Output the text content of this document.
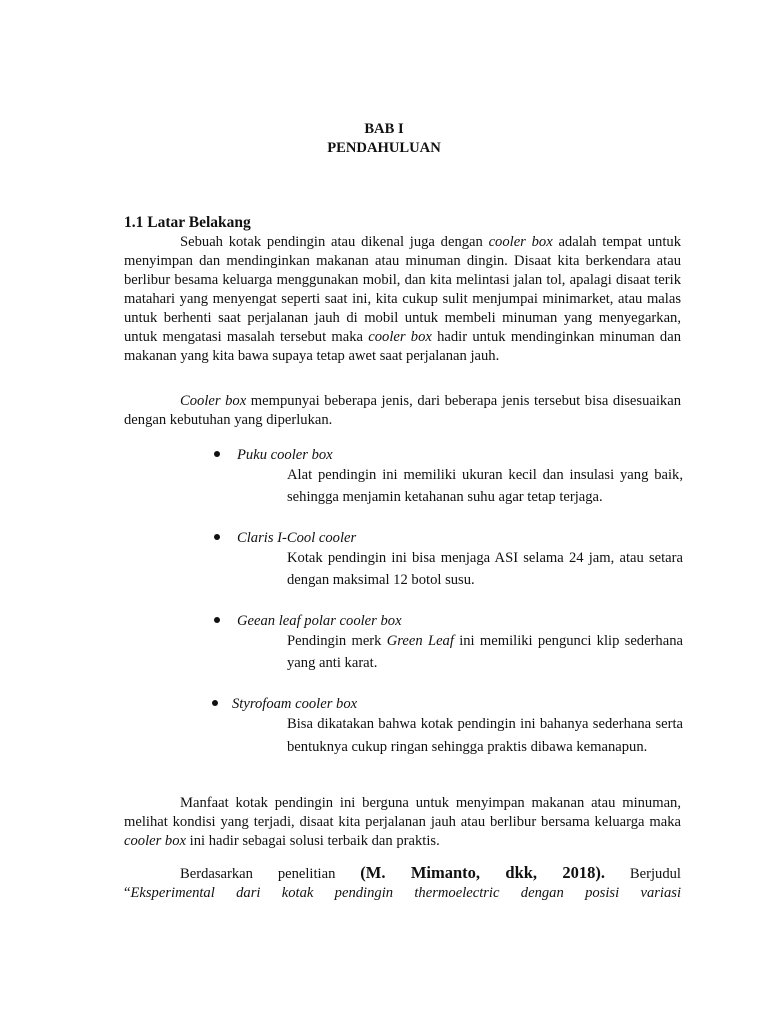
BAB I
PENDAHULUAN
1.1 Latar Belakang

Sebuah kotak pendingin atau dikenal juga dengan cooler box adalah tempat untuk menyimpan dan mendinginkan makanan atau minuman dingin. Disaat kita berkendara atau berlibur besama keluarga menggunakan mobil, dan kita melintasi jalan tol, apalagi disaat terik matahari yang menyengat seperti saat ini, kita cukup sulit menjumpai minimarket, atau malas untuk berhenti saat perjalanan jauh di mobil untuk membeli minuman yang menyegarkan, untuk mengatasi masalah tersebut maka cooler box hadir untuk mendinginkan minuman dan makanan yang kita bawa supaya tetap awet saat perjalanan jauh.

Cooler box mempunyai beberapa jenis, dari beberapa jenis tersebut bisa disesuaikan dengan kebutuhan yang diperlukan.

Puku cooler box
Alat pendingin ini memiliki ukuran kecil dan insulasi yang baik, sehingga menjamin ketahanan suhu agar tetap terjaga.
Claris I-Cool cooler
Kotak pendingin ini bisa menjaga ASI selama 24 jam, atau setara dengan maksimal 12 botol susu.
Geean leaf polar cooler box
Pendingin merk Green Leaf ini memiliki pengunci klip sederhana yang anti karat.
Styrofoam cooler box
Bisa dikatakan bahwa kotak pendingin ini bahanya sederhana serta bentuknya cukup ringan sehingga praktis dibawa kemanapun.

Manfaat kotak pendingin ini berguna untuk menyimpan makanan atau minuman, melihat kondisi yang terjadi, disaat kita perjalanan jauh atau berlibur bersama keluarga maka cooler box ini hadir sebagai solusi terbaik dan praktis.

Berdasarkan penelitian (M. Mimanto, dkk, 2018). Berjudul

“Eksperimental dari kotak pendingin thermoelectric dengan posisi variasi
